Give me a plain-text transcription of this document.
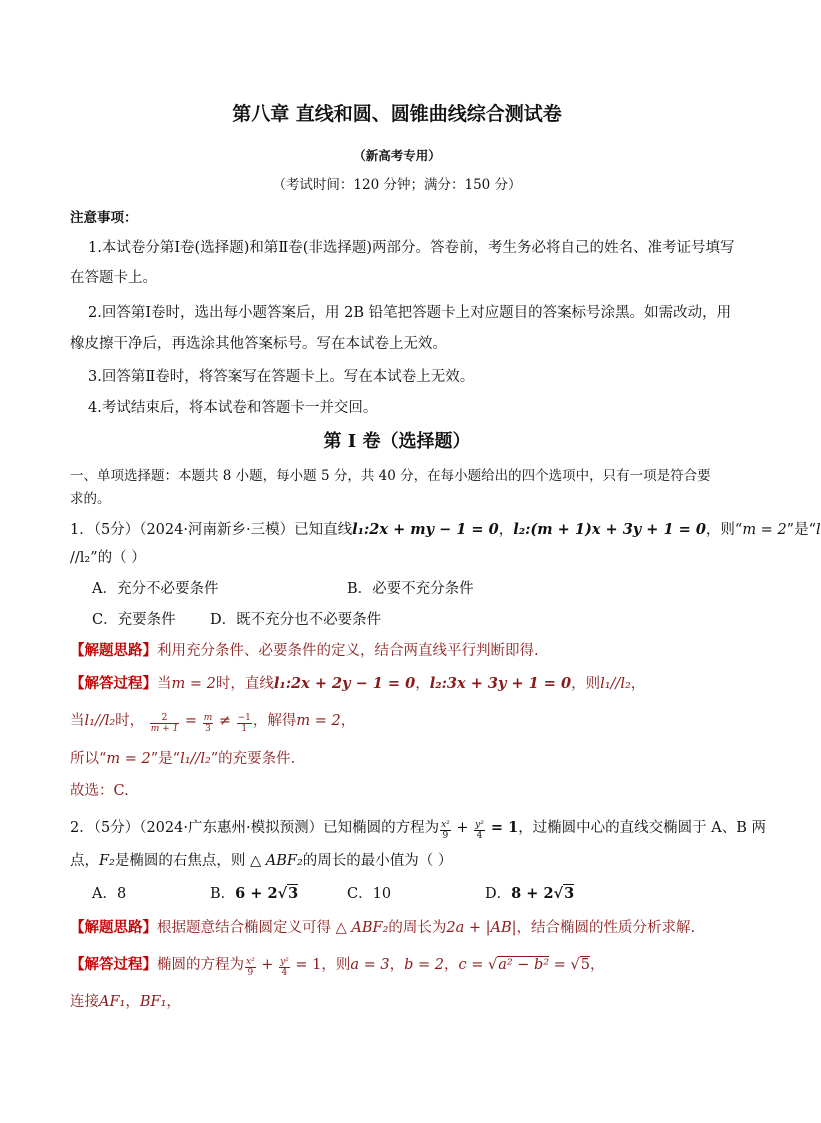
第八章 直线和圆、圆锥曲线综合测试卷
（新高考专用）
（考试时间：120 分钟；满分：150 分）
注意事项：
1.本试卷分第Ⅰ卷(选择题)和第Ⅱ卷(非选择题)两部分。答卷前，考生务必将自己的姓名、准考证号填写
在答题卡上。
2.回答第Ⅰ卷时，选出每小题答案后，用 2B 铅笔把答题卡上对应题目的答案标号涂黑。如需改动，用
橡皮擦干净后，再选涂其他答案标号。写在本试卷上无效。
3.回答第Ⅱ卷时，将答案写在答题卡上。写在本试卷上无效。
4.考试结束后，将本试卷和答题卡一并交回。
第 I 卷（选择题）
一、单项选择题：本题共 8 小题，每小题 5 分，共 40 分，在每小题给出的四个选项中，只有一项是符合要
求的。
1．（5分）（2024·河南新乡·三模）已知直线l₁:2x + my − 1 = 0，l₂:(m + 1)x + 3y + 1 = 0，则“m = 2”是“l
//l₂”的（ ）
A．充分不必要条件	B．必要不充分条件
C．充要条件	D．既不充分也不必要条件
【解题思路】利用充分条件、必要条件的定义，结合两直线平行判断即得.
【解答过程】当m = 2时，直线l₁:2x + 2y − 1 = 0，l₂:3x + 3y + 1 = 0，则l₁//l₂，
当l₁//l₂时， $\frac{2}{m + 1} = \frac{m}{3} \ne \frac{-1}{1}$ ，解得m = 2，
所以“m = 2”是“l₁//l₂”的充要条件.
故选：C.
2．（5分）（2024·广东惠州·模拟预测）已知椭圆的方程为 $\frac{\text{x²}}{9} + \frac{\text{y²}}{4} = 1$，过椭圆中心的直线交椭圆于 A、B 两
点，F₂是椭圆的右焦点，则 △ ABF₂的周长的最小值为（ ）
A．8	B．6 + 2√3	C．10	D．8 + 2√3
【解题思路】根据题意结合椭圆定义可得 △ ABF₂的周长为2a + |AB|，结合椭圆的性质分析求解.
【解答过程】椭圆的方程为 $\frac{\text{x²}}{9} + \frac{\text{y²}}{4} = 1$，则a = 3，b = 2，c = √a² − b² = √5，
连接AF₁，BF₁，
